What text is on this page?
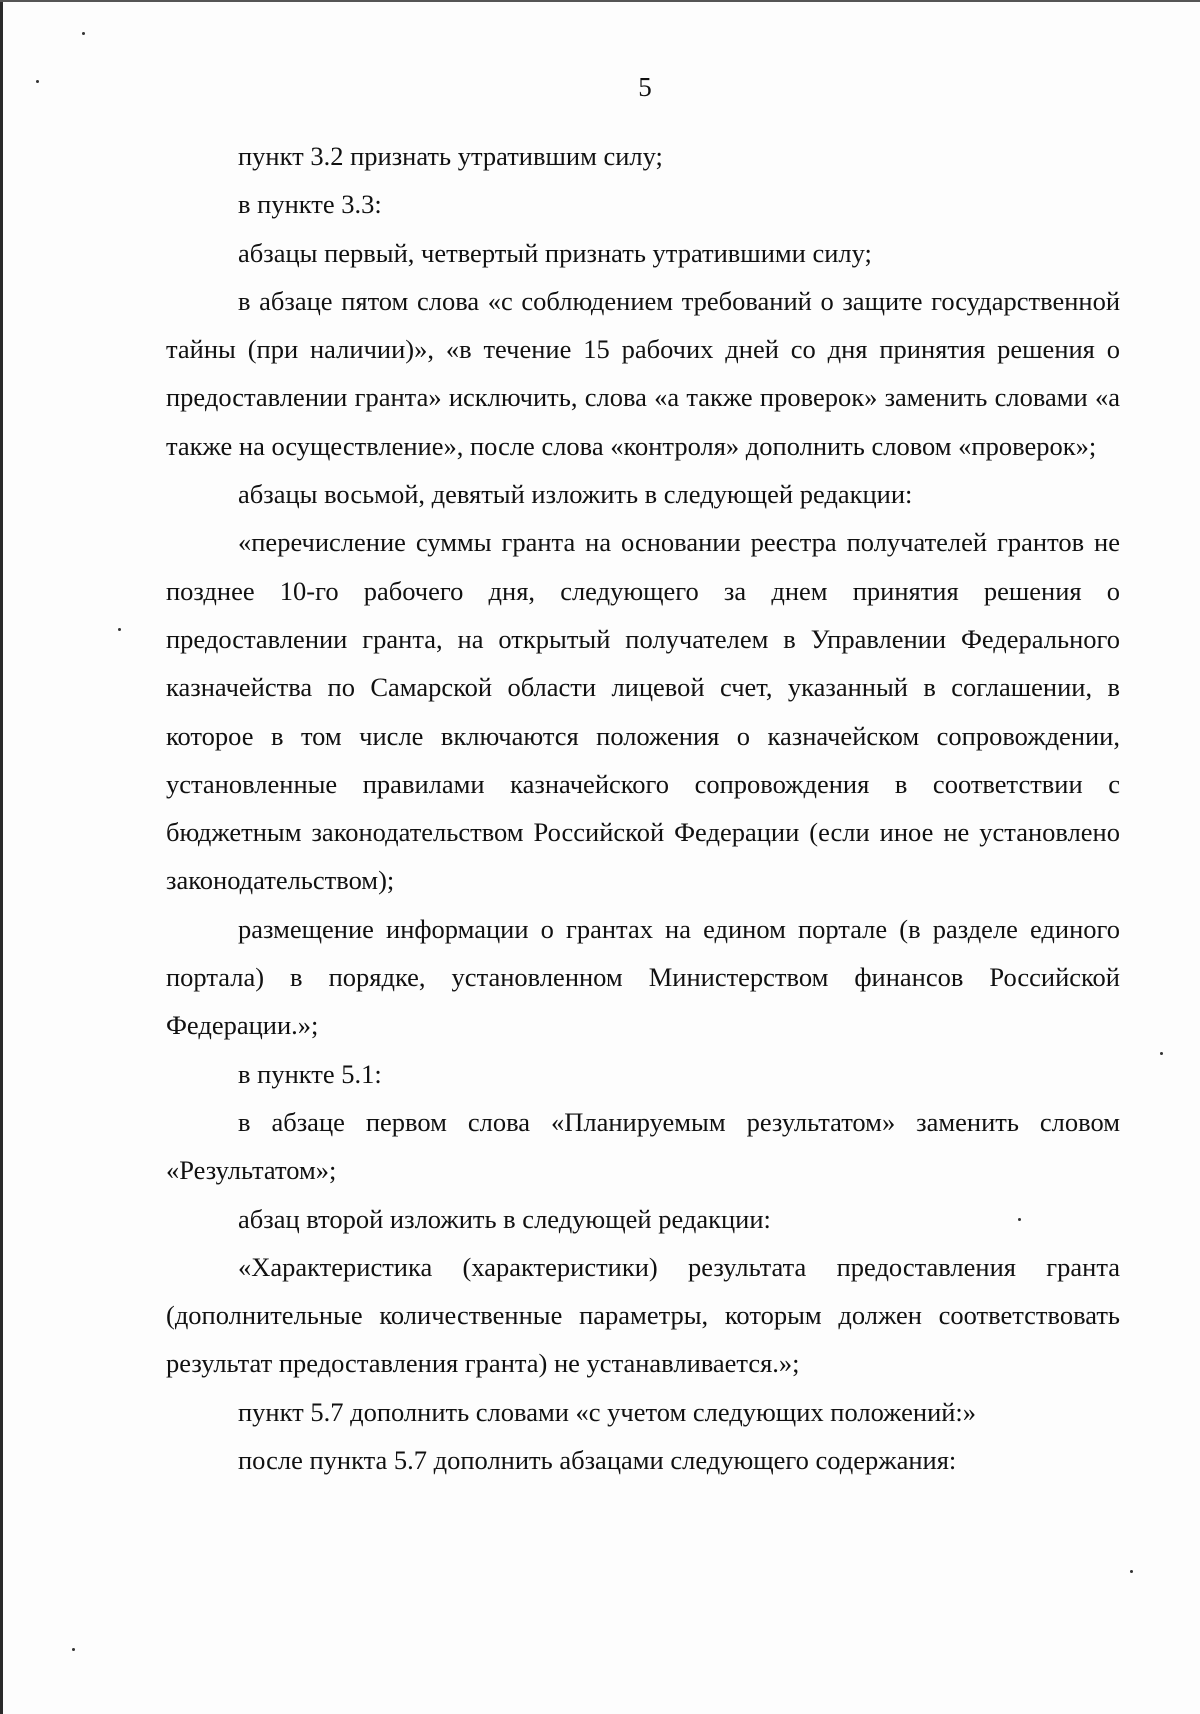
5

пункт 3.2 признать утратившим силу;

в пункте 3.3:

абзацы первый, четвертый признать утратившими силу;

в абзаце пятом слова «с соблюдением требований о защите государственной тайны (при наличии)», «в течение 15 рабочих дней со дня принятия решения о предоставлении гранта» исключить, слова «а также проверок» заменить словами «а также на осуществление», после слова «контроля» дополнить словом «проверок»;

абзацы восьмой, девятый изложить в следующей редакции:

«перечисление суммы гранта на основании реестра получателей грантов не позднее 10-го рабочего дня, следующего за днем принятия решения о предоставлении гранта, на открытый получателем в Управлении Федерального казначейства по Самарской области лицевой счет, указанный в соглашении, в которое в том числе включаются положения о казначейском сопровождении, установленные правилами казначейского сопровождения в соответствии с бюджетным законодательством Российской Федерации (если иное не установлено законодательством);

размещение информации о грантах на едином портале (в разделе единого портала) в порядке, установленном Министерством финансов Российской Федерации.»;

в пункте 5.1:

в абзаце первом слова «Планируемым результатом» заменить словом «Результатом»;

абзац второй изложить в следующей редакции:

«Характеристика (характеристики) результата предоставления гранта (дополнительные количественные параметры, которым должен соответствовать результат предоставления гранта) не устанавливается.»;

пункт 5.7 дополнить словами «с учетом следующих положений:»

после пункта 5.7 дополнить абзацами следующего содержания:
